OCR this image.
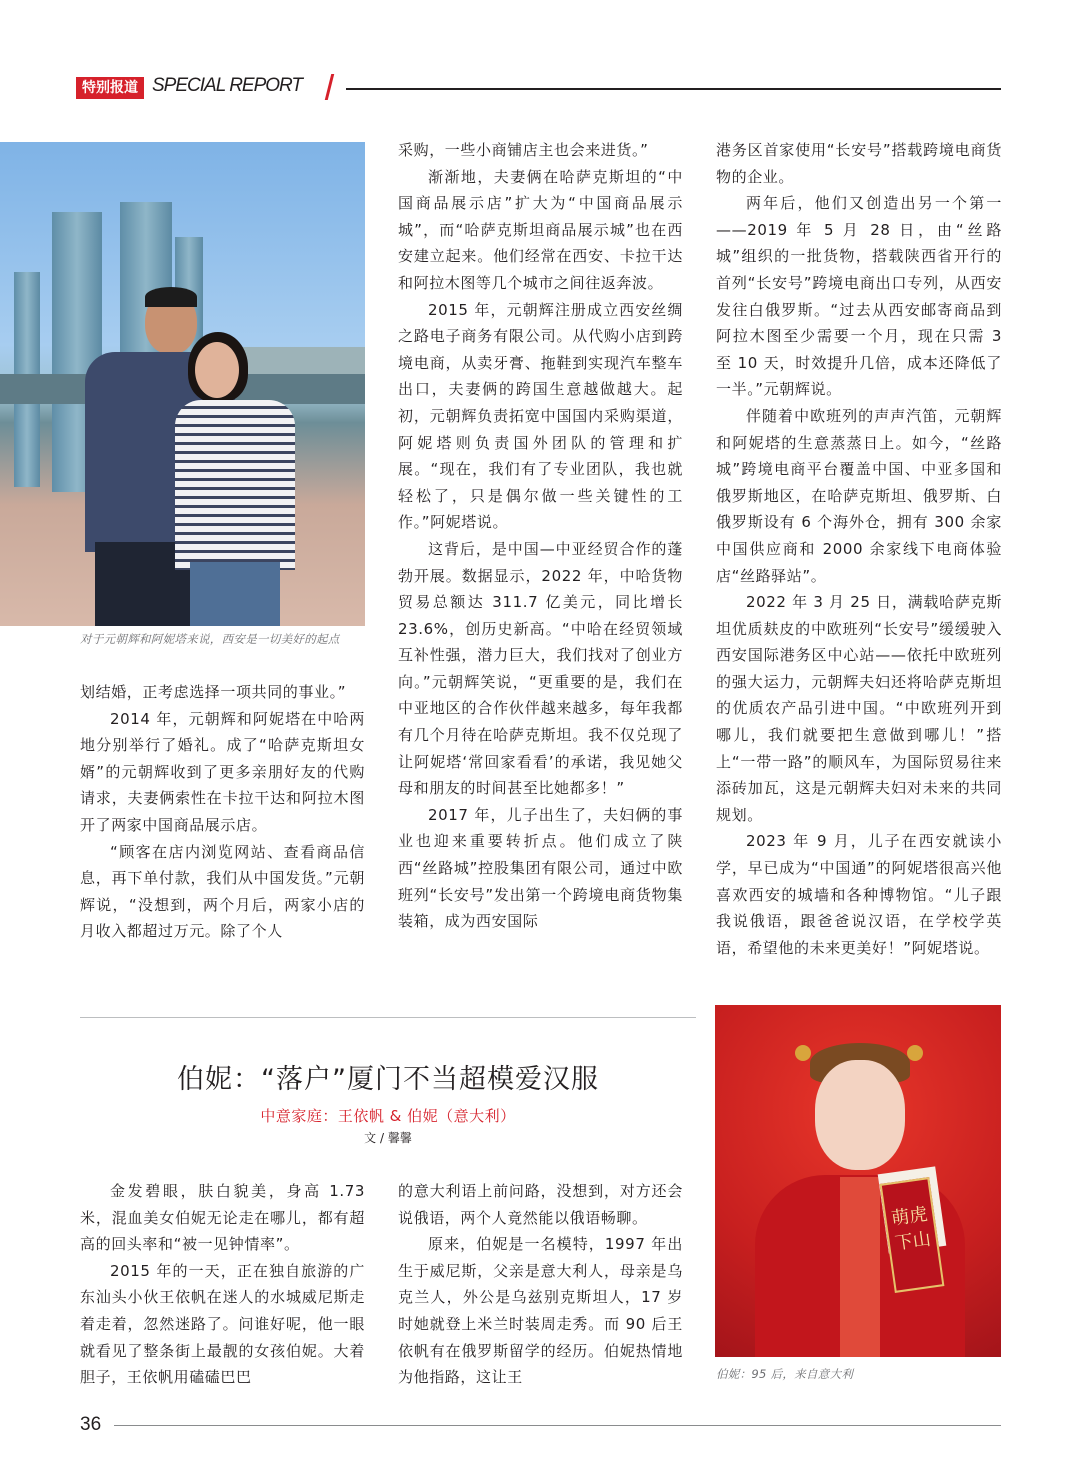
特别报道 SPECIAL REPORT
对于元朝辉和阿妮塔来说，西安是一切美好的起点

划结婚，正考虑选择一项共同的事业。”

2014 年，元朝辉和阿妮塔在中哈两地分别举行了婚礼。成了“哈萨克斯坦女婿”的元朝辉收到了更多亲朋好友的代购请求，夫妻俩索性在卡拉干达和阿拉木图开了两家中国商品展示店。

“顾客在店内浏览网站、查看商品信息，再下单付款，我们从中国发货。”元朝辉说，“没想到，两个月后，两家小店的月收入都超过万元。除了个人

采购，一些小商铺店主也会来进货。”

渐渐地，夫妻俩在哈萨克斯坦的“中国商品展示店”扩大为“中国商品展示城”，而“哈萨克斯坦商品展示城”也在西安建立起来。他们经常在西安、卡拉干达和阿拉木图等几个城市之间往返奔波。

2015 年，元朝辉注册成立西安丝绸之路电子商务有限公司。从代购小店到跨境电商，从卖牙膏、拖鞋到实现汽车整车出口，夫妻俩的跨国生意越做越大。起初，元朝辉负责拓宽中国国内采购渠道，阿妮塔则负责国外团队的管理和扩展。“现在，我们有了专业团队，我也就轻松了，只是偶尔做一些关键性的工作。”阿妮塔说。

这背后，是中国—中亚经贸合作的蓬勃开展。数据显示，2022 年，中哈货物贸易总额达 311.7 亿美元，同比增长 23.6%，创历史新高。“中哈在经贸领域互补性强，潜力巨大，我们找对了创业方向。”元朝辉笑说，“更重要的是，我们在中亚地区的合作伙伴越来越多，每年我都有几个月待在哈萨克斯坦。我不仅兑现了让阿妮塔‘常回家看看’的承诺，我见她父母和朋友的时间甚至比她都多！”

2017 年，儿子出生了，夫妇俩的事业也迎来重要转折点。他们成立了陕西“丝路城”控股集团有限公司，通过中欧班列“长安号”发出第一个跨境电商货物集装箱，成为西安国际

港务区首家使用“长安号”搭载跨境电商货物的企业。

两年后，他们又创造出另一个第一——2019 年 5 月 28 日，由“丝路城”组织的一批货物，搭载陕西省开行的首列“长安号”跨境电商出口专列，从西安发往白俄罗斯。“过去从西安邮寄商品到阿拉木图至少需要一个月，现在只需 3 至 10 天，时效提升几倍，成本还降低了一半。”元朝辉说。

伴随着中欧班列的声声汽笛，元朝辉和阿妮塔的生意蒸蒸日上。如今，“丝路城”跨境电商平台覆盖中国、中亚多国和俄罗斯地区，在哈萨克斯坦、俄罗斯、白俄罗斯设有 6 个海外仓，拥有 300 余家中国供应商和 2000 余家线下电商体验店“丝路驿站”。

2022 年 3 月 25 日，满载哈萨克斯坦优质麸皮的中欧班列“长安号”缓缓驶入西安国际港务区中心站——依托中欧班列的强大运力，元朝辉夫妇还将哈萨克斯坦的优质农产品引进中国。“中欧班列开到哪儿，我们就要把生意做到哪儿！”搭上“一带一路”的顺风车，为国际贸易往来添砖加瓦，这是元朝辉夫妇对未来的共同规划。

2023 年 9 月，儿子在西安就读小学，早已成为“中国通”的阿妮塔很高兴他喜欢西安的城墙和各种博物馆。“儿子跟我说俄语，跟爸爸说汉语，在学校学英语，希望他的未来更美好！”阿妮塔说。

伯妮：“落户”厦门不当超模爱汉服
中意家庭：王依帆 & 伯妮（意大利）
文 / 馨馨
萌虎下山
伯妮：95 后，来自意大利

金发碧眼，肤白貌美，身高 1.73 米，混血美女伯妮无论走在哪儿，都有超高的回头率和“被一见钟情率”。

2015 年的一天，正在独自旅游的广东汕头小伙王依帆在迷人的水城威尼斯走着走着，忽然迷路了。问谁好呢，他一眼就看见了整条街上最靓的女孩伯妮。大着胆子，王依帆用磕磕巴巴

的意大利语上前问路，没想到，对方还会说俄语，两个人竟然能以俄语畅聊。

原来，伯妮是一名模特，1997 年出生于威尼斯，父亲是意大利人，母亲是乌克兰人，外公是乌兹别克斯坦人，17 岁时她就登上米兰时装周走秀。而 90 后王依帆有在俄罗斯留学的经历。伯妮热情地为他指路，这让王

36
